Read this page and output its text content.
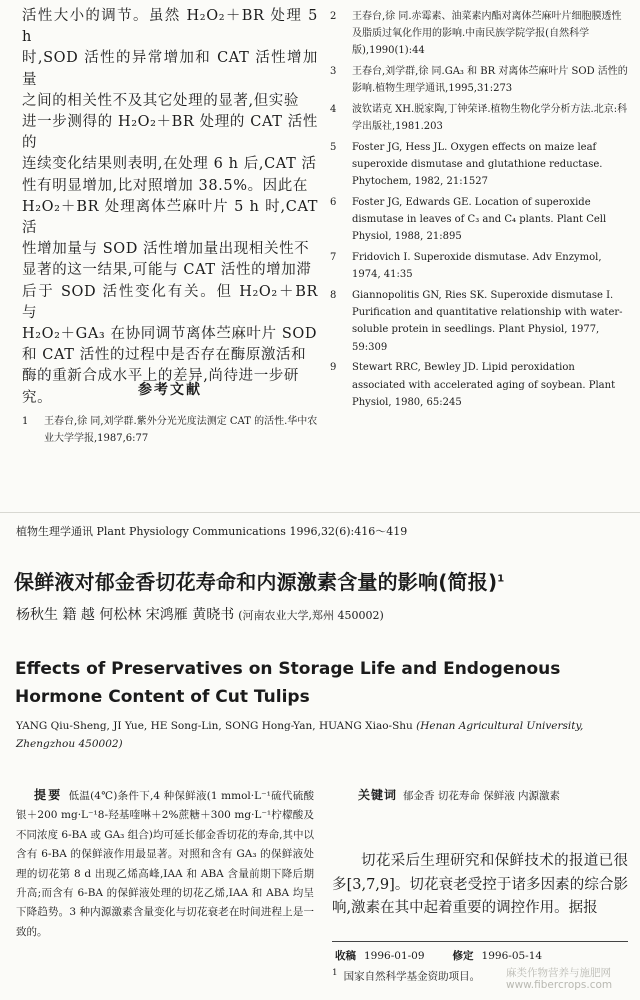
活性大小的调节。虽然 H₂O₂＋BR 处理 5 h
时,SOD 活性的异常增加和 CAT 活性增加量
之间的相关性不及其它处理的显著,但实验
进一步测得的 H₂O₂＋BR 处理的 CAT 活性的
连续变化结果则表明,在处理 6 h 后,CAT 活
性有明显增加,比对照增加 38.5%。因此在
H₂O₂＋BR 处理离体苎麻叶片 5 h 时,CAT 活
性增加量与 SOD 活性增加量出现相关性不
显著的这一结果,可能与 CAT 活性的增加滞
后于 SOD 活性变化有关。但 H₂O₂＋BR 与
H₂O₂＋GA₃ 在协同调节离体苎麻叶片 SOD
和 CAT 活性的过程中是否存在酶原激活和
酶的重新合成水平上的差异,尚待进一步研
究。	参考文献
1	王春台,徐 同,刘学群.紫外分光光度法测定 CAT 的活性.华中农业大学学报,1987,6:77
2	王春台,徐 同.赤霉素、油菜素内酯对离体苎麻叶片细胞膜透性及脂质过氧化作用的影响.中南民族学院学报(自然科学版),1990(1):44
3	王春台,刘学群,徐 同.GA₃ 和 BR 对离体苎麻叶片 SOD 活性的影响.植物生理学通讯,1995,31:273
4	波钦诺克 XH.脱家陶,丁钟荣译.植物生物化学分析方法.北京:科学出版社,1981.203
5	Foster JG, Hess JL. Oxygen effects on maize leaf superoxide dismutase and glutathione reductase. Phytochem, 1982, 21:1527
6	Foster JG, Edwards GE. Location of superoxide dismutase in leaves of C₃ and C₄ plants. Plant Cell Physiol, 1988, 21:895
7	Fridovich I. Superoxide dismutase. Adv Enzymol, 1974, 41:35
8	Giannopolitis GN, Ries SK. Superoxide dismutase I. Purification and quantitative relationship with water-soluble protein in seedlings. Plant Physiol, 1977, 59:309
9	Stewart RRC, Bewley JD. Lipid peroxidation associated with accelerated aging of soybean. Plant Physiol, 1980, 65:245
植物生理学通讯 Plant Physiology Communications 1996,32(6):416～419
保鲜液对郁金香切花寿命和内源激素含量的影响(简报)$^1$
杨秋生 籍 越 何松林 宋鸿雁 黄晓书 (河南农业大学,郑州 450002)
Effects of Preservatives on Storage Life and Endogenous Hormone Content of Cut Tulips
YANG Qiu-Sheng, JI Yue, HE Song-Lin, SONG Hong-Yan, HUANG Xiao-Shu (Henan Agricultural University, Zhengzhou 450002)
提要 低温(4℃)条件下,4 种保鲜液(1 mmol·L⁻¹硫代硫酸银＋200 mg·L⁻¹8-羟基喹啉＋2%蔗糖＋300 mg·L⁻¹柠檬酸及不同浓度 6-BA 或 GA₃ 组合)均可延长郁金香切花的寿命,其中以含有 6-BA 的保鲜液作用最显著。对照和含有 GA₃ 的保鲜液处理的切花第 8 d 出现乙烯高峰,IAA 和 ABA 含量前期下降后期升高;而含有 6-BA 的保鲜液处理的切花乙烯,IAA 和 ABA 均呈下降趋势。3 种内源激素含量变化与切花衰老在时间进程上是一致的。
关键词 郁金香 切花寿命 保鲜液 内源激素
切花采后生理研究和保鲜技术的报道已很多[3,7,9]。切花衰老受控于诸多因素的综合影响,激素在其中起着重要的调控作用。据报
收稿 1996-01-09	修定 1996-05-14
$^1$ 国家自然科学基金资助项目。 麻类作物营养与施肥网
www.fibercrops.com
